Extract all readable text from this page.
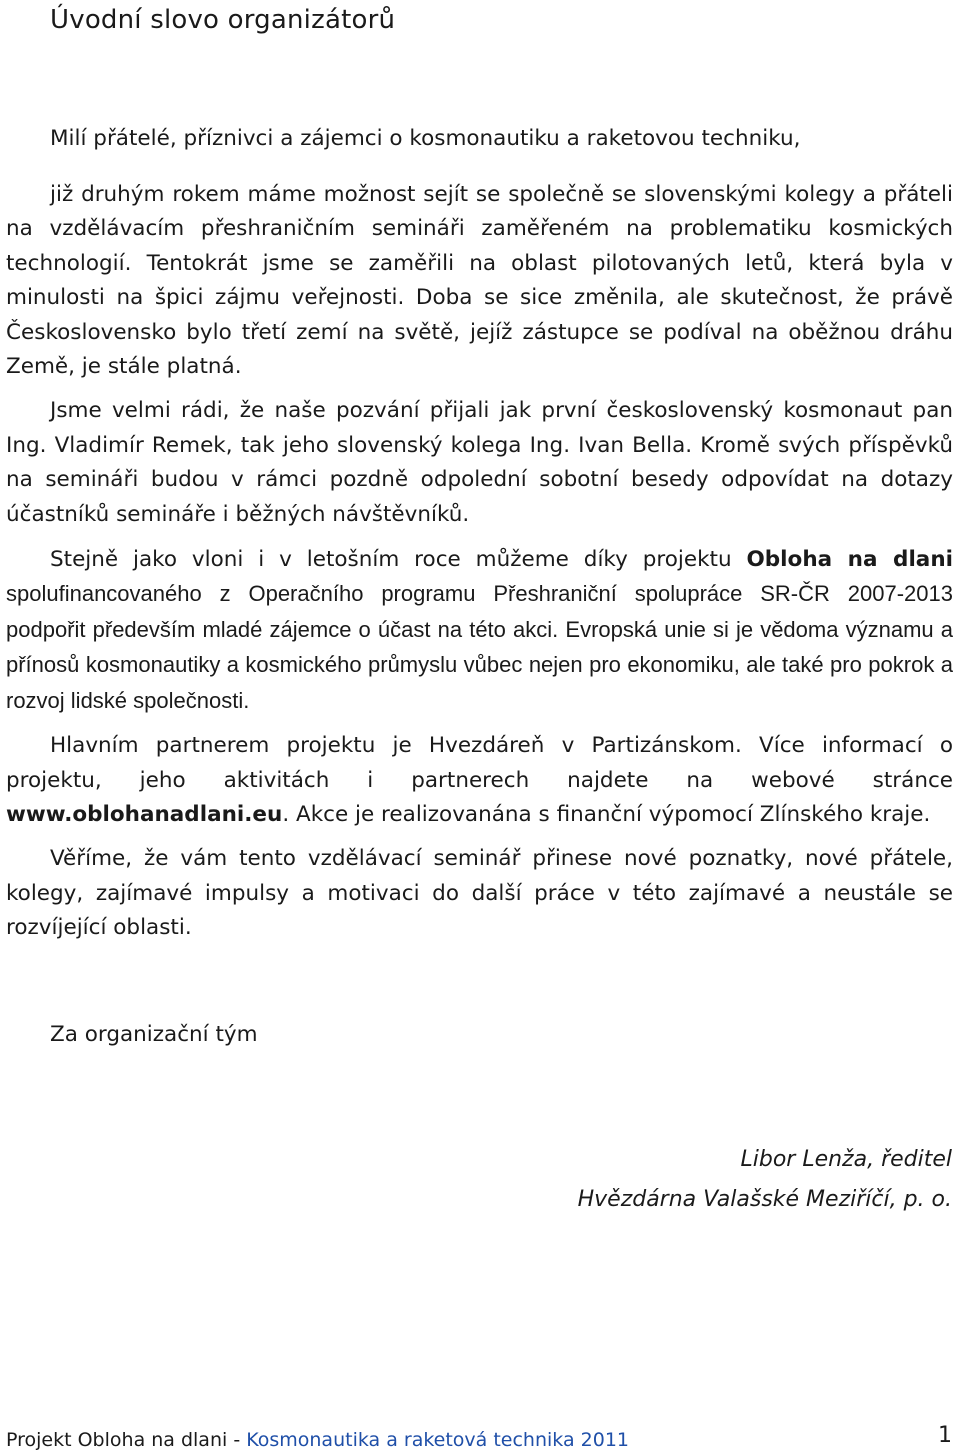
Úvodní slovo organizátorů
Milí přátelé, příznivci a zájemci o kosmonautiku a raketovou techniku,

již druhým rokem máme možnost sejít se společně se slovenskými kolegy a přáteli na vzdělávacím přeshraničním semináři zaměřeném na problematiku kosmických technologií. Tentokrát jsme se zaměřili na oblast pilotovaných letů, která byla v minulosti na špici zájmu veřejnosti. Doba se sice změnila, ale skutečnost, že právě Československo bylo třetí zemí na světě, jejíž zástupce se podíval na oběžnou dráhu Země, je stále platná.

Jsme velmi rádi, že naše pozvání přijali jak první československý kosmonaut pan Ing. Vladimír Remek, tak jeho slovenský kolega Ing. Ivan Bella. Kromě svých příspěvků na semináři budou v rámci pozdně odpolední sobotní besedy odpovídat na dotazy účastníků semináře i běžných návštěvníků.

Stejně jako vloni i v letošním roce můžeme díky projektu Obloha na dlani spolufinancovaného z Operačního programu Přeshraniční spolupráce SR-ČR 2007-2013 podpořit především mladé zájemce o účast na této akci. Evropská unie si je vědoma významu a přínosů kosmonautiky a kosmického průmyslu vůbec nejen pro ekonomiku, ale také pro pokrok a rozvoj lidské společnosti.

Hlavním partnerem projektu je Hvezdáreň v Partizánskom. Více informací o projektu, jeho aktivitách i partnerech najdete na webové stránce www.oblohanadlani.eu. Akce je realizovanána s finanční výpomocí Zlínského kraje.

Věříme, že vám tento vzdělávací seminář přinese nové poznatky, nové přátele, kolegy, zajímavé impulsy a motivaci do další práce v této zajímavé a neustále se rozvíjející oblasti.

Za organizační tým
Libor Lenža, ředitel
Hvězdárna Valašské Meziříčí, p. o.
Projekt Obloha na dlani - Kosmonautika a raketová technika 2011	1
